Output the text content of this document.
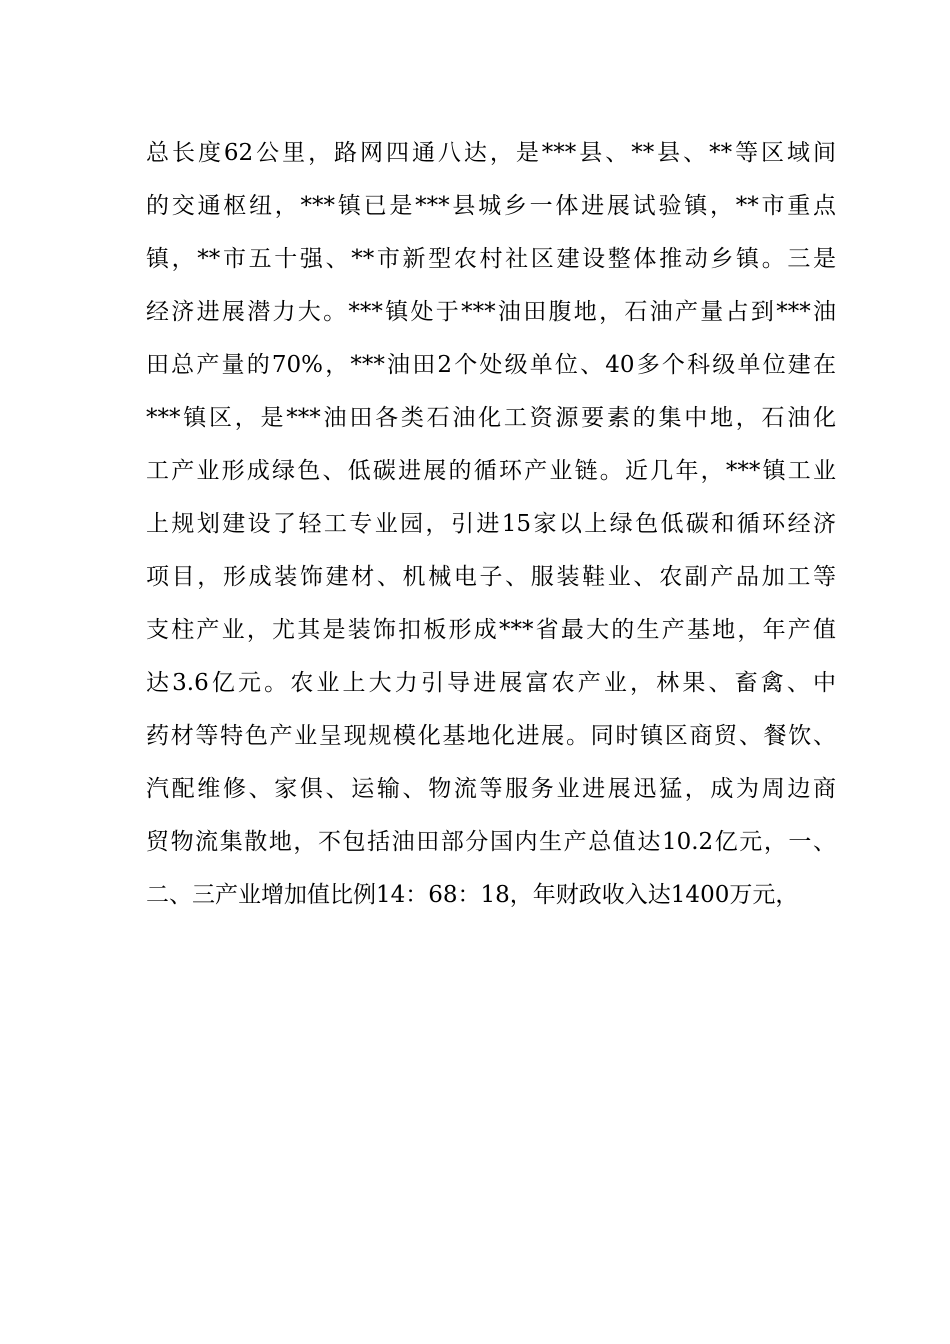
总长度62公里，路网四通八达，是***县、**县、**等区域间
的交通枢纽，***镇已是***县城乡一体进展试验镇，**市重点
镇，**市五十强、**市新型农村社区建设整体推动乡镇。三是
经济进展潜力大。***镇处于***油田腹地，石油产量占到***油
田总产量的70%，***油田2个处级单位、40多个科级单位建在
***镇区，是***油田各类石油化工资源要素的集中地，石油化
工产业形成绿色、低碳进展的循环产业链。近几年，***镇工业
上规划建设了轻工专业园，引进15家以上绿色低碳和循环经济
项目，形成装饰建材、机械电子、服装鞋业、农副产品加工等
支柱产业，尤其是装饰扣板形成***省最大的生产基地，年产值
达3.6亿元。农业上大力引导进展富农产业，林果、畜禽、中
药材等特色产业呈现规模化基地化进展。同时镇区商贸、餐饮、
汽配维修、家俱、运输、物流等服务业进展迅猛，成为周边商
贸物流集散地，不包括油田部分国内生产总值达10.2亿元，一、
二、三产业增加值比例14：68：18，年财政收入达1400万元，
